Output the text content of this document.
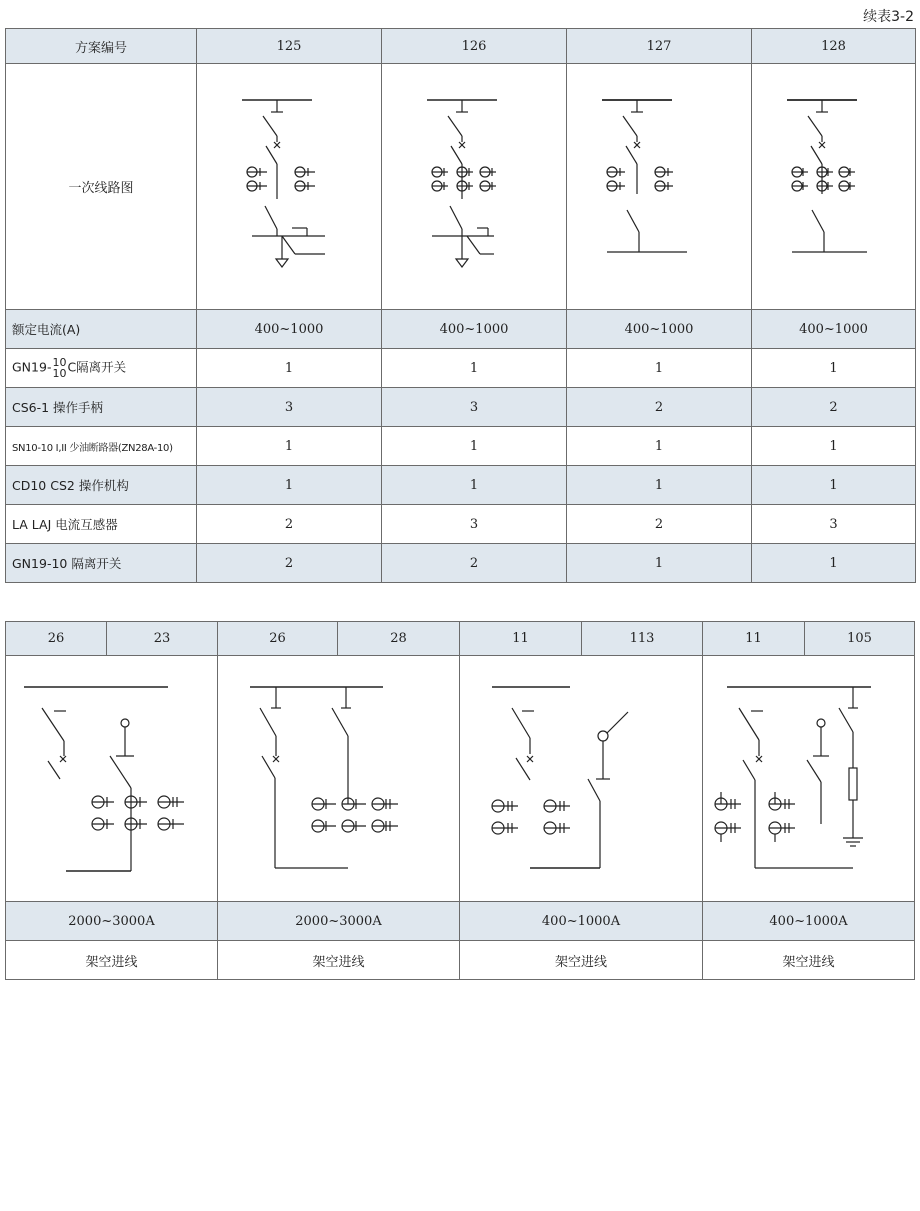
续表3-2
方案编号	125	126	127	128
一次线路图	

额定电流(A)	400~1000	400~1000	400~1000	400~1000
GN19- 10
10 C隔离开关	1	1	1	1
CS6-1 操作手柄	3	3	2	2
SN10-10 I,II 少油断路器(ZN28A-10)	1	1	1	1
CD10 CS2 操作机构	1	1	1	1
LA LAJ 电流互感器	2	3	2	3
GN19-10 隔离开关	2	2	1	1
26	23	26	28	11	113	11	105

2000~3000A		2000~3000A		400~1000A		400~1000A	
架空进线		架空进线		架空进线		架空进线	
